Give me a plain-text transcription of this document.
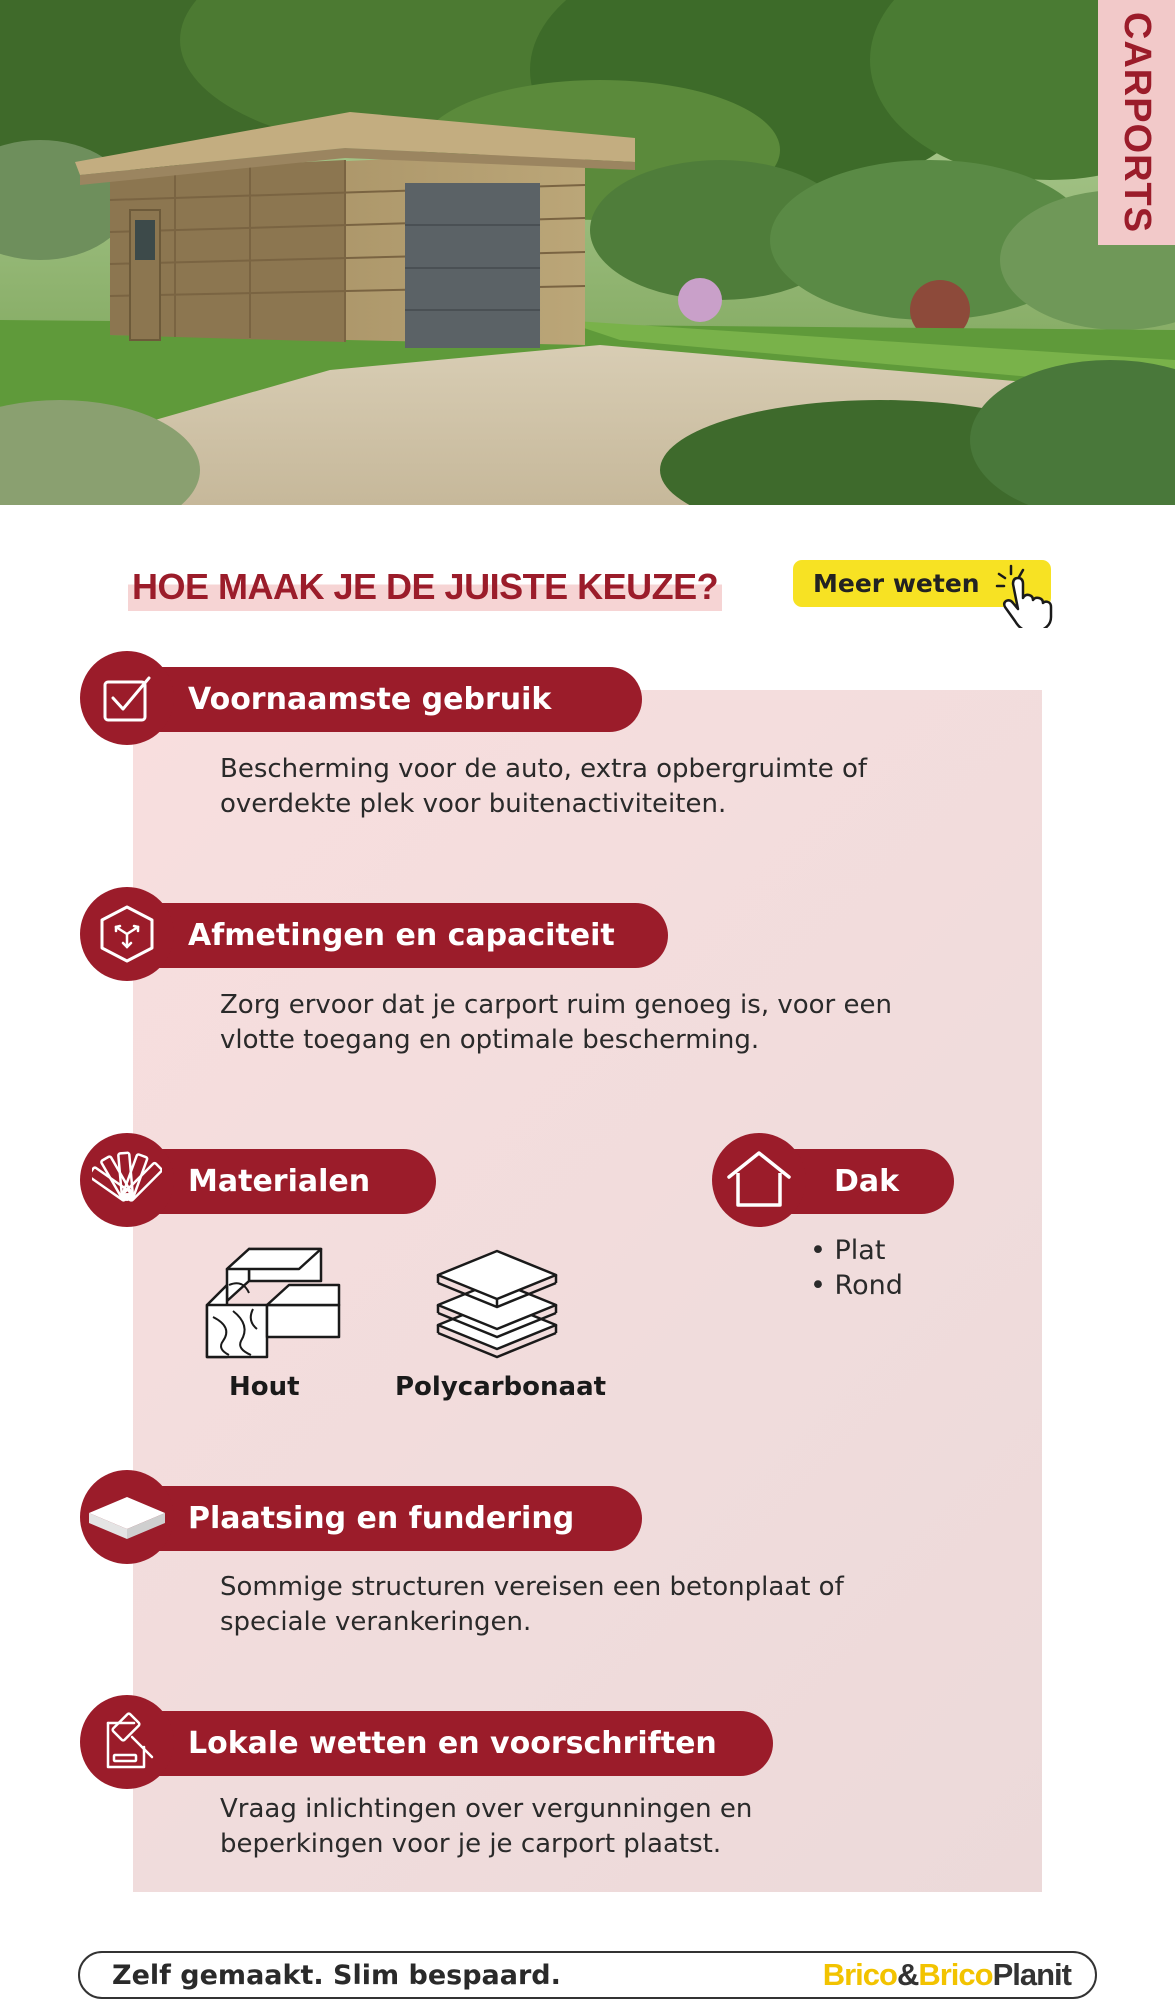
CARPORTS
HOE MAAK JE DE JUISTE KEUZE?	Meer weten
Voornaamste gebruik
Bescherming voor de auto, extra opbergruimte of
overdekte plek voor buitenactiviteiten.
Afmetingen en capaciteit
Zorg ervoor dat je carport ruim genoeg is, voor een
vlotte toegang en optimale bescherming.
Materialen
Hout	Polycarbonaat
Dak
• Plat
• Rond
Plaatsing en fundering
Sommige structuren vereisen een betonplaat of
speciale verankeringen.
Lokale wetten en voorschriften
Vraag inlichtingen over vergunningen en
beperkingen voor je je carport plaatst.
Zelf gemaakt. Slim bespaard.	Brico&BricoPlanit
